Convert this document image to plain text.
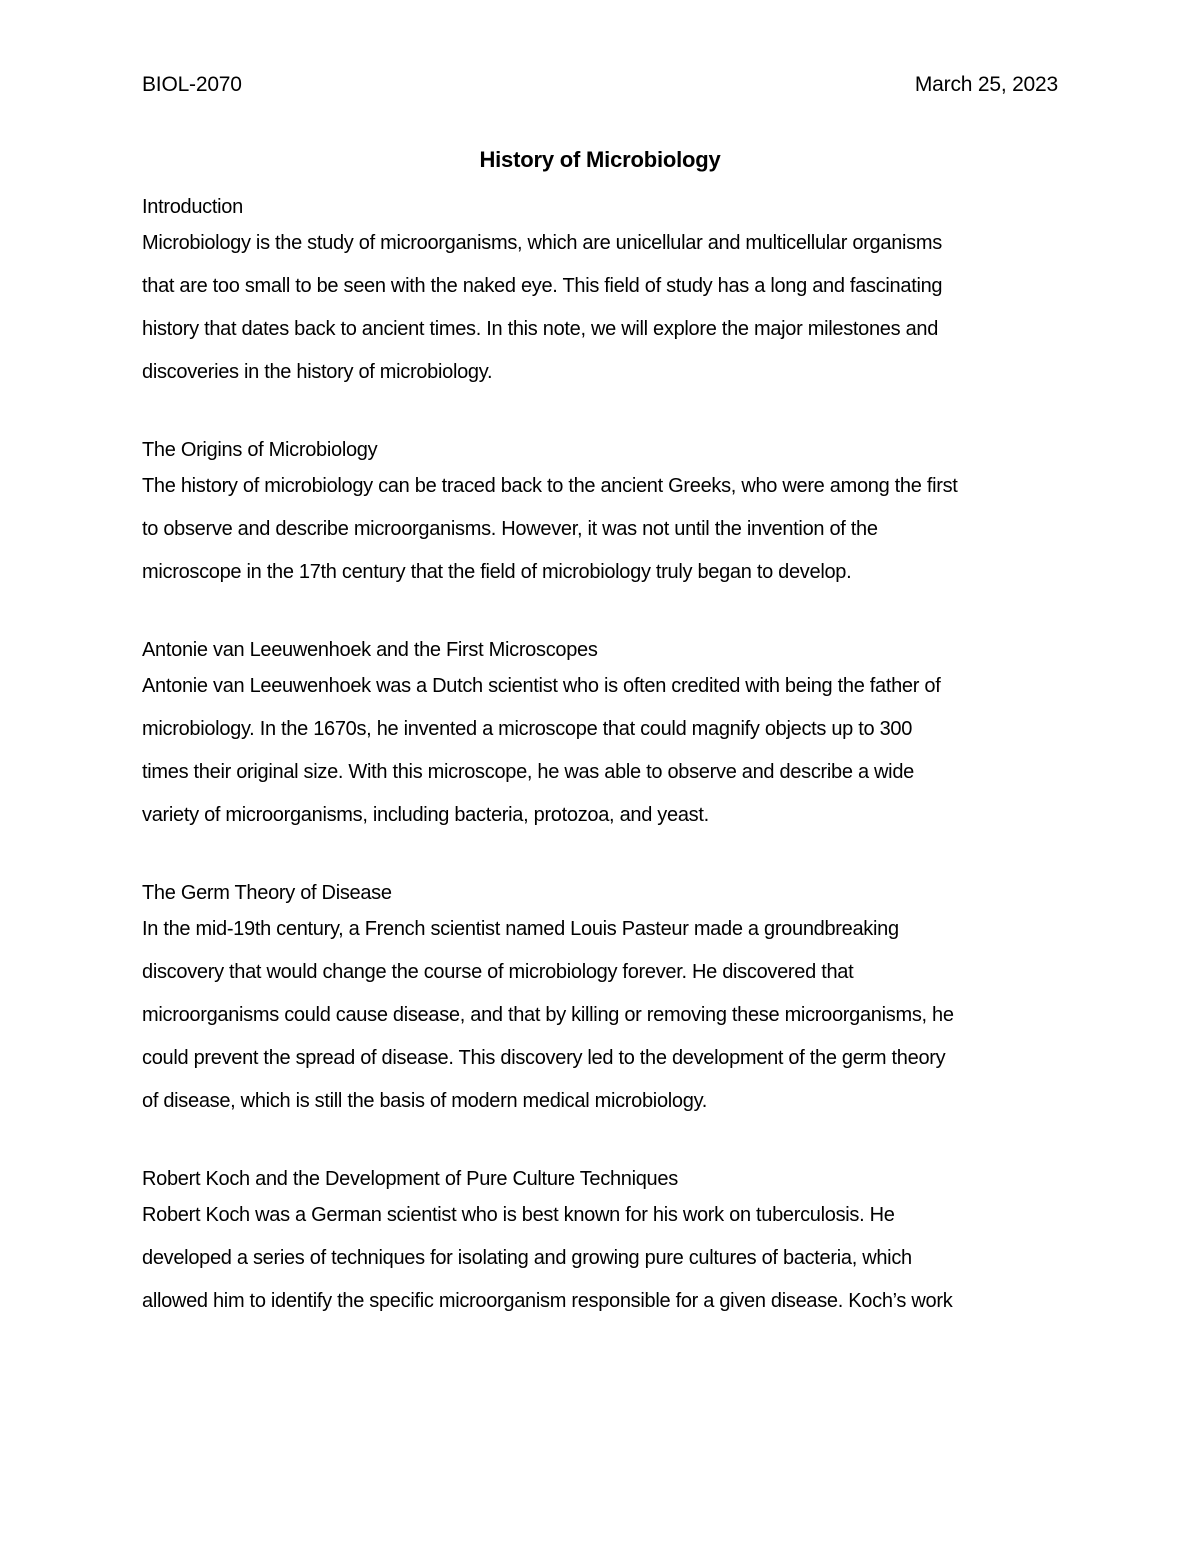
BIOL-2070	March 25, 2023
History of Microbiology
Introduction
Microbiology is the study of microorganisms, which are unicellular and multicellular organisms
that are too small to be seen with the naked eye. This field of study has a long and fascinating
history that dates back to ancient times. In this note, we will explore the major milestones and
discoveries in the history of microbiology.
The Origins of Microbiology
The history of microbiology can be traced back to the ancient Greeks, who were among the first
to observe and describe microorganisms. However, it was not until the invention of the
microscope in the 17th century that the field of microbiology truly began to develop.
Antonie van Leeuwenhoek and the First Microscopes
Antonie van Leeuwenhoek was a Dutch scientist who is often credited with being the father of
microbiology. In the 1670s, he invented a microscope that could magnify objects up to 300
times their original size. With this microscope, he was able to observe and describe a wide
variety of microorganisms, including bacteria, protozoa, and yeast.
The Germ Theory of Disease
In the mid-19th century, a French scientist named Louis Pasteur made a groundbreaking
discovery that would change the course of microbiology forever. He discovered that
microorganisms could cause disease, and that by killing or removing these microorganisms, he
could prevent the spread of disease. This discovery led to the development of the germ theory
of disease, which is still the basis of modern medical microbiology.
Robert Koch and the Development of Pure Culture Techniques
Robert Koch was a German scientist who is best known for his work on tuberculosis. He
developed a series of techniques for isolating and growing pure cultures of bacteria, which
allowed him to identify the specific microorganism responsible for a given disease. Koch’s work
